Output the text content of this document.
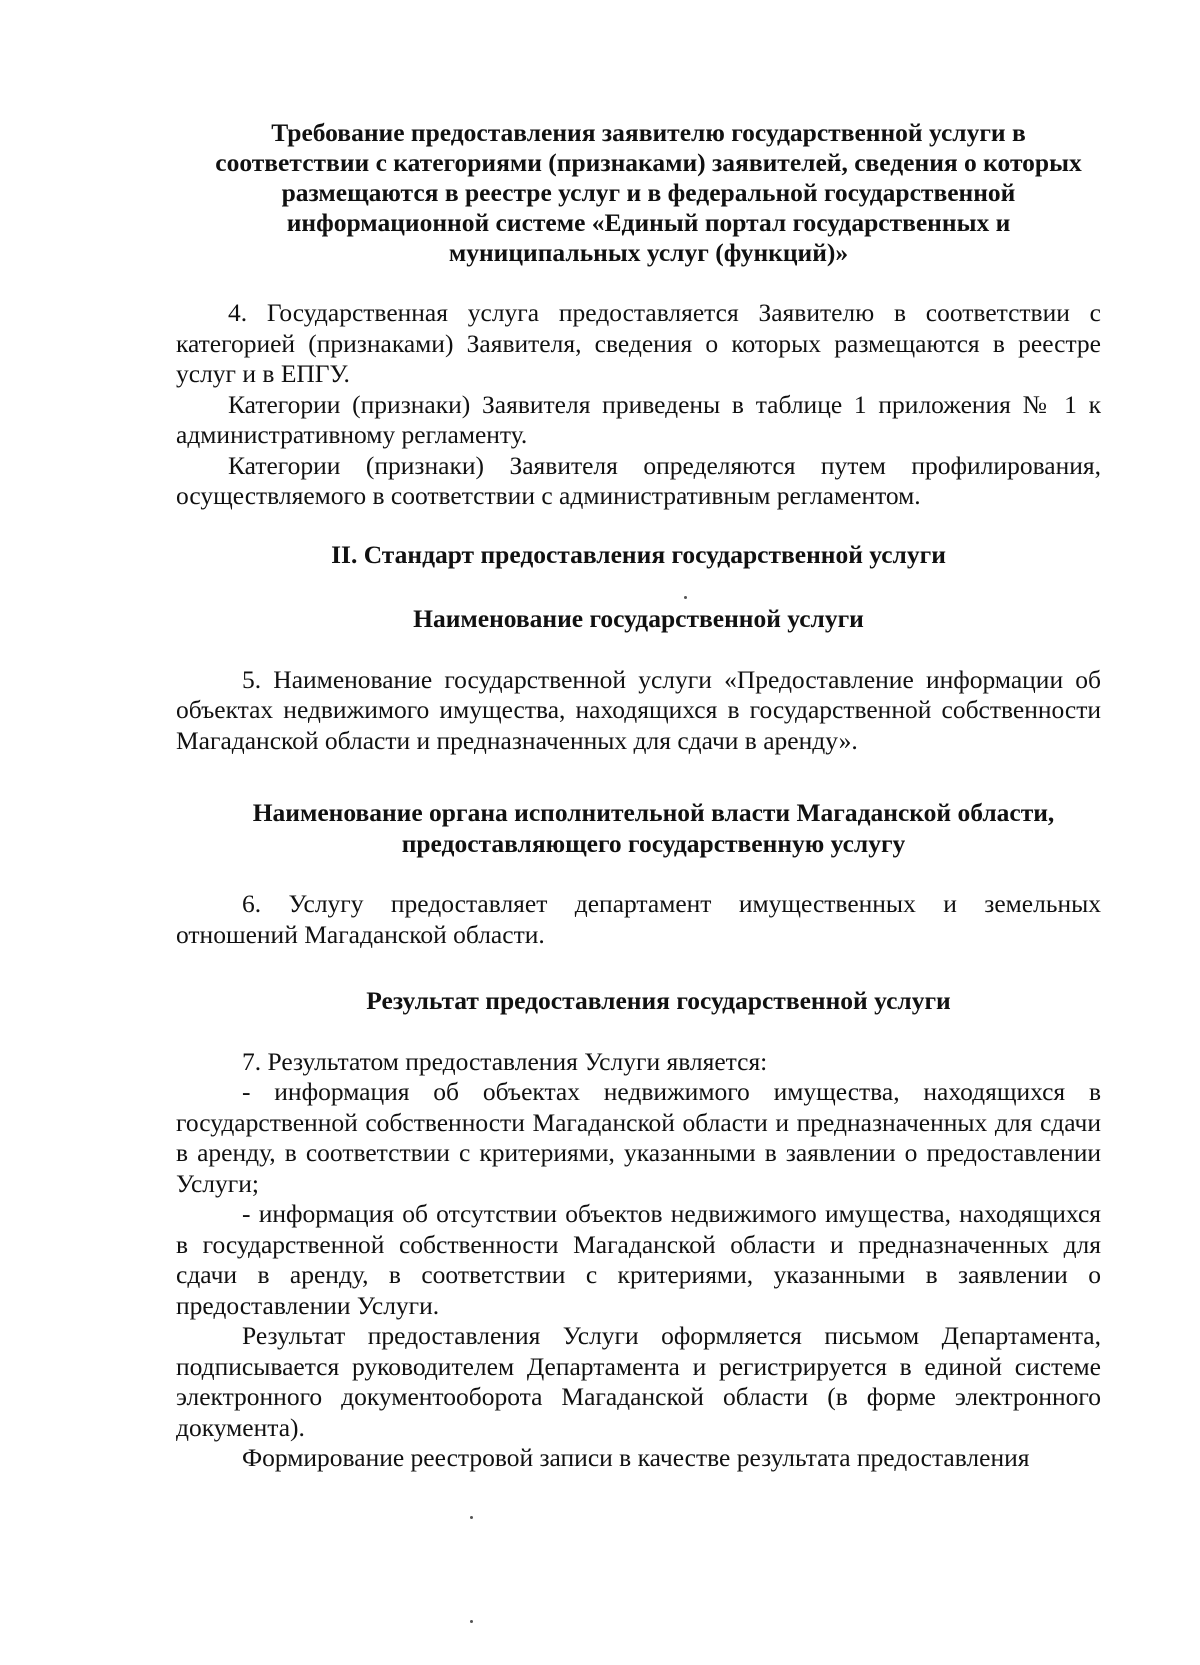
Требование предоставления заявителю государственной услуги в соответствии с категориями (признаками) заявителей, сведения о которых размещаются в реестре услуг и в федеральной государственной информационной системе «Единый портал государственных и муниципальных услуг (функций)»

4. Государственная услуга предоставляется Заявителю в соответствии с категорией (признаками) Заявителя, сведения о которых размещаются в реестре услуг и в ЕПГУ.

Категории (признаки) Заявителя приведены в таблице 1 приложения № 1 к административному регламенту.

Категории (признаки) Заявителя определяются путем профилирования, осуществляемого в соответствии с административным регламентом.

II. Стандарт предоставления государственной услуги

Наименование государственной услуги

5. Наименование государственной услуги «Предоставление информации об объектах недвижимого имущества, находящихся в государственной собственности Магаданской области и предназначенных для сдачи в аренду».

Наименование органа исполнительной власти Магаданской области, предоставляющего государственную услугу

6. Услугу предоставляет департамент имущественных и земельных отношений Магаданской области.

Результат предоставления государственной услуги

7. Результатом предоставления Услуги является:

- информация об объектах недвижимого имущества, находящихся в государственной собственности Магаданской области и предназначенных для сдачи в аренду, в соответствии с критериями, указанными в заявлении о предоставлении Услуги;

- информация об отсутствии объектов недвижимого имущества, находящихся в государственной собственности Магаданской области и предназначенных для сдачи в аренду, в соответствии с критериями, указанными в заявлении о предоставлении Услуги.

Результат предоставления Услуги оформляется письмом Департамента, подписывается руководителем Департамента и регистрируется в единой системе электронного документооборота Магаданской области (в форме электронного документа).

Формирование реестровой записи в качестве результата предоставления
